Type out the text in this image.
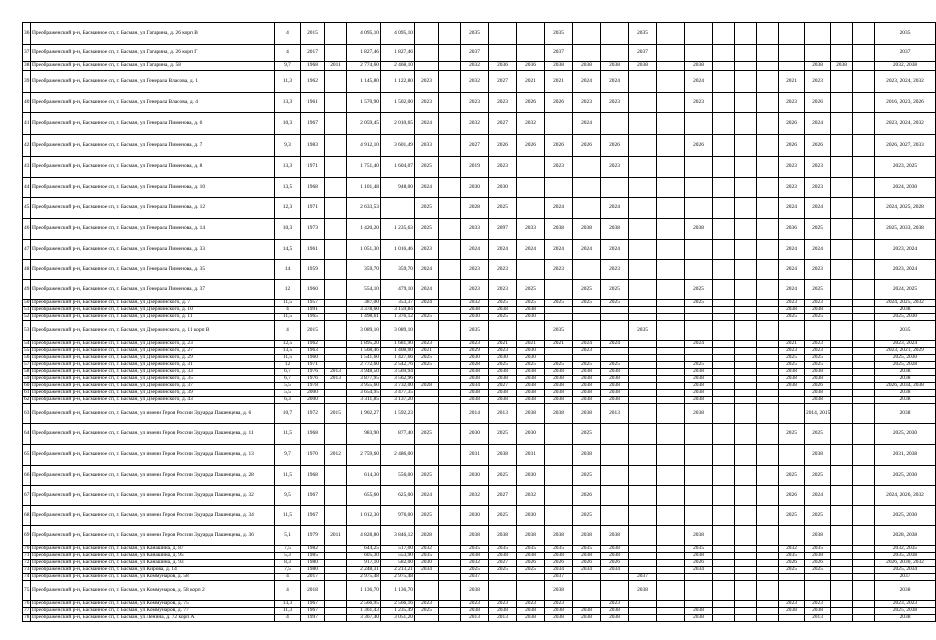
36	Преображенский р-н, Басманное сп, г. Басман, ул Гагарина, д. 26 корп В	4	2015		4 095,10	4 095,10			2035			2035			2035										2035
37	Преображенский р-н, Басманное сп, г. Басман, ул Гагарина, д. 26 корп Г	4	2017		1 827,46	1 827,46			2037			2037			2037										2037
38	Преображенский р-н, Басманное сп, г. Басман, ул Гагарина, д. 58	9,7	1968	2011	2 774,60	2 468,10			2032	2036	2036	2038	2038	2038	2038		2038					2038	2038		2032, 2038
39	Преображенский р-н, Басманное сп, г. Басман, ул Генерала Власова, д. 1	11,3	1962		1 145,80	1 122,80	2023		2032	2027	2021	2021	2024	2024			2024				2021	2023			2023, 2024, 2032
40	Преображенский р-н, Басманное сп, г. Басман, ул Генерала Власова, д. 4	13,3	1961		1 570,90	1 502,00	2023		2023	2023	2026	2026	2023	2023			2023				2023	2026			2016, 2023, 2026
41	Преображенский р-н, Басманное сп, г. Басман, ул Генерала Пименова, д. 6	10,3	1967		2 059,45	2 010,65	2024		2032	2027	2032		2024								2026	2024			2023, 2024, 2032
42	Преображенский р-н, Басманное сп, г. Басман, ул Генерала Пименова, д. 7	9,3	1983		4 912,10	3 601,49	2033		2027	2026	2026	2026	2026	2026			2026				2026	2026			2026, 2027, 2033
43	Преображенский р-н, Басманное сп, г. Басман, ул Генерала Пименова, д. 8	13,3	1971		1 751,40	1 604,07	2025		2019	2023		2023		2023							2023	2023			2023, 2025
44	Преображенский р-н, Басманное сп, г. Басман, ул Генерала Пименова, д. 10	13,5	1968		1 101,48	948,00	2024		2030	2030											2023	2023			2024, 2030
45	Преображенский р-н, Басманное сп, г. Басман, ул Генерала Пименова, д. 12	12,3	1971		2 633,53		2025		2028	2025		2024		2024							2024	2024			2024, 2025, 2028
46	Преображенский р-н, Басманное сп, г. Басман, ул Генерала Пименова, д. 14	10,3	1973		1 420,20	1 235,63	2025		2033	2097	2033	2038	2038	2038			2038				2036	2025			2025, 2033, 2038
47	Преображенский р-н, Басманное сп, г. Басман, ул Генерала Пименова, д. 33	14,5	1961		1 051,30	1 016,46	2023		2024	2024	2024	2024	2024	2024							2024	2024			2023, 2024
48	Преображенский р-н, Басманное сп, г. Басман, ул Генерала Пименова, д. 35	14	1959		359,70	359,70	2024		2023	2023		2023		2023							2024	2023			2023, 2024
49	Преображенский р-н, Басманное сп, г. Басман, ул Генерала Пименова, д. 37	12	1960		554,10	479,10	2024		2023	2023	2025		2025	2025			2025				2024	2025			2024, 2025
50	Преображенский р-н, Басманное сп, г. Басман, ул Дзержинского, д. 7	11,5	1957		387,00	353,37	2024		2032	2025	2025	2025	2025	2025			2025				2023	2023			2024, 2025, 2032
51	Преображенский р-н, Басманное сп, г. Басман, ул Дзержинского, д. 10	4	1991		3 378,60	3 159,84			2038	2038	2038										2038	2038			2038
52	Преображенский р-н, Басманное сп, г. Басман, ул Дзержинского, д. 11	11,5	1965		1 498,61	1 376,12	2025		2030	2025	2030										2025	2025			2025, 2030
53	Преображенский р-н, Басманное сп, г. Басман, ул Дзержинского, д. 11 корп В	4	2015		3 089,10	3 089,10			2035			2035			2035										2035
54	Преображенский р-н, Басманное сп, г. Басман, ул Дзержинского, д. 23	12,5	1962		1 895,20	1 681,90	2023		2023	2021	2021	2021	2024	2024			2024				2021	2023			2023, 2024
55	Преображенский р-н, Басманное сп, г. Басман, ул Дзержинского, д. 27	13,5	1963		1 568,46	1 408,00	2021		2029	2023	2030		2023								2023	2023			2023, 2021, 2029
56	Преображенский р-н, Басманное сп, г. Басман, ул Дзержинского, д. 29	11,5	1960		1 541,60	1 427,66	2025		2030	2030	2030										2025	2025			2025, 2030
57	Преображенский р-н, Басманное сп, г. Басман, ул Дзержинского, д. 31	12	1971		2 772,60	2 542,76	2025		2028	2025	2025	2025	2025	2025			2025				2025	2025			2025, 2028
58	Преображенский р-н, Басманное сп, г. Басман, ул Дзержинского, д. 33	6,7	1976	2013	3 948,50	3 569,94			2038	2038	2038	2038	2038	2038			2038				2038	2038			2038
59	Преображенский р-н, Басманное сп, г. Басман, ул Дзержинского, д. 35	6,7	1976	2013	3 877,95	3 562,96			2038	2038	2038	2038	2038	2038			2038				2038	2038			2038
60	Преображенский р-н, Басманное сп, г. Басман, ул Дзержинского, д. 37	5,5	1978		3 955,60	3 732,00	2028		2034	2027	2038	2038	2038	2038			2038				2038	2026			2026, 2034, 2038
61	Преображенский р-н, Басманное сп, г. Басман, ул Дзержинского, д. 39	5,5	2000		3 654,95	3 477,35			2038	2038	2038	2038	2038	2038			2038					2038			2038
62	Преображенский р-н, Басманное сп, г. Басман, ул Дзержинского, д. 43	6,3	2000		3 311,85	3 137,20			2038	2038	2038	2038	2038	2038			2038					2038			2038
63	Преображенский р-н, Басманное сп, г. Басман, ул имени Героя России Эдуарда Пашенцева, д. 6	10,7	1972	2015	1 902,27	1 592,23			2014	2013	2038	2038	2038	2013			2038					2014, 2015			2038
64	Преображенский р-н, Басманное сп, г. Басман, ул имени Героя России Эдуарда Пашенцева, д. 11	11,5	1968		983,90	877,40	2025		2030	2025	2030		2025								2025	2025			2025, 2030
65	Преображенский р-н, Басманное сп, г. Басман, ул имени Героя России Эдуарда Пашенцева, д. 13	9,7	1970	2012	2 759,60	2 486,00			2031	2038	2031		2038									2038			2031, 2038
66	Преображенский р-н, Басманное сп, г. Басман, ул имени Героя России Эдуарда Пашенцева, д. 28	11,5	1968		614,30	556,00	2025		2030	2025	2030		2025								2025	2025			2025, 2030
67	Преображенский р-н, Басманное сп, г. Басман, ул имени Героя России Эдуарда Пашенцева, д. 32	9,5	1967		655,60	625,00	2024		2032	2027	2032		2026								2026	2024			2024, 2026, 2032
68	Преображенский р-н, Басманное сп, г. Басман, ул имени Героя России Эдуарда Пашенцева, д. 34	11,5	1967		1 012,30	976,00	2025		2030	2025	2030		2025								2025	2025			2025, 2030
69	Преображенский р-н, Басманное сп, г. Басман, ул имени Героя России Эдуарда Пашенцева, д. 36	5,1	1979	2011	4 828,80	3 846,12	2028		2038	2038	2038	2038	2038	2038			2038					2038			2028, 2038
70	Преображенский р-н, Басманное сп, г. Басман, ул Канашина, д. 87	7,5	1982		644,25	517,00	2032		2035	2035	2035	2035	2035	2038			2035				2032	2035			2032, 2035
71	Преображенский р-н, Басманное сп, г. Басман, ул Канашина, д. 95	5,3	1985		605,30	553,90	2035		2038	2038	2038	2038	2038	2038			2038				2035	2038			2035, 2038
72	Преображенский р-н, Басманное сп, г. Басман, ул Канашина, д. 93	8,3	1980		917,10	582,00	2030		2032	2027	2026	2026	2026	2026			2026				2026	2026			2026, 2030, 2032
73	Преображенский р-н, Басманное сп, г. Басман, ул Кирова, д. 14	7,5	1980		2 248,31	2 213,21	2034		2025	2025	2025	2034	2034	2034			2034				2025	2025			2025, 2034
74	Преображенский р-н, Басманное сп, г. Басман, ул Коммунаров, д. 58	4	2017		2 975,48	2 975,48			2037			2037			2037										2037
75	Преображенский р-н, Басманное сп, г. Басман, ул Коммунаров, д. 58 корп 2	4	2018		1 136,70	1 136,70			2038			2038			2038										2038
76	Преображенский р-н, Басманное сп, г. Басман, ул Коммунаров, д. 75	13,3	1967		2 566,95	2 566,16	2023		2023	2023	2023	2023		2023							2023	2023			2023, 2023
77	Преображенский р-н, Басманное сп, г. Басман, ул Коммунаров, д. 77	11,3	1967		1 361,43	1 235,49	2025		2038	2038	2038	2038	2038	2038			2038				2038	2038			2025, 2038
78	Преображенский р-н, Басманное сп, г. Басман, ул Ленина, д. 72 корп А	4	1997		3 367,40	3 051,20			2013	2013	2038	2038	2038	2038			2038					2013			2038
